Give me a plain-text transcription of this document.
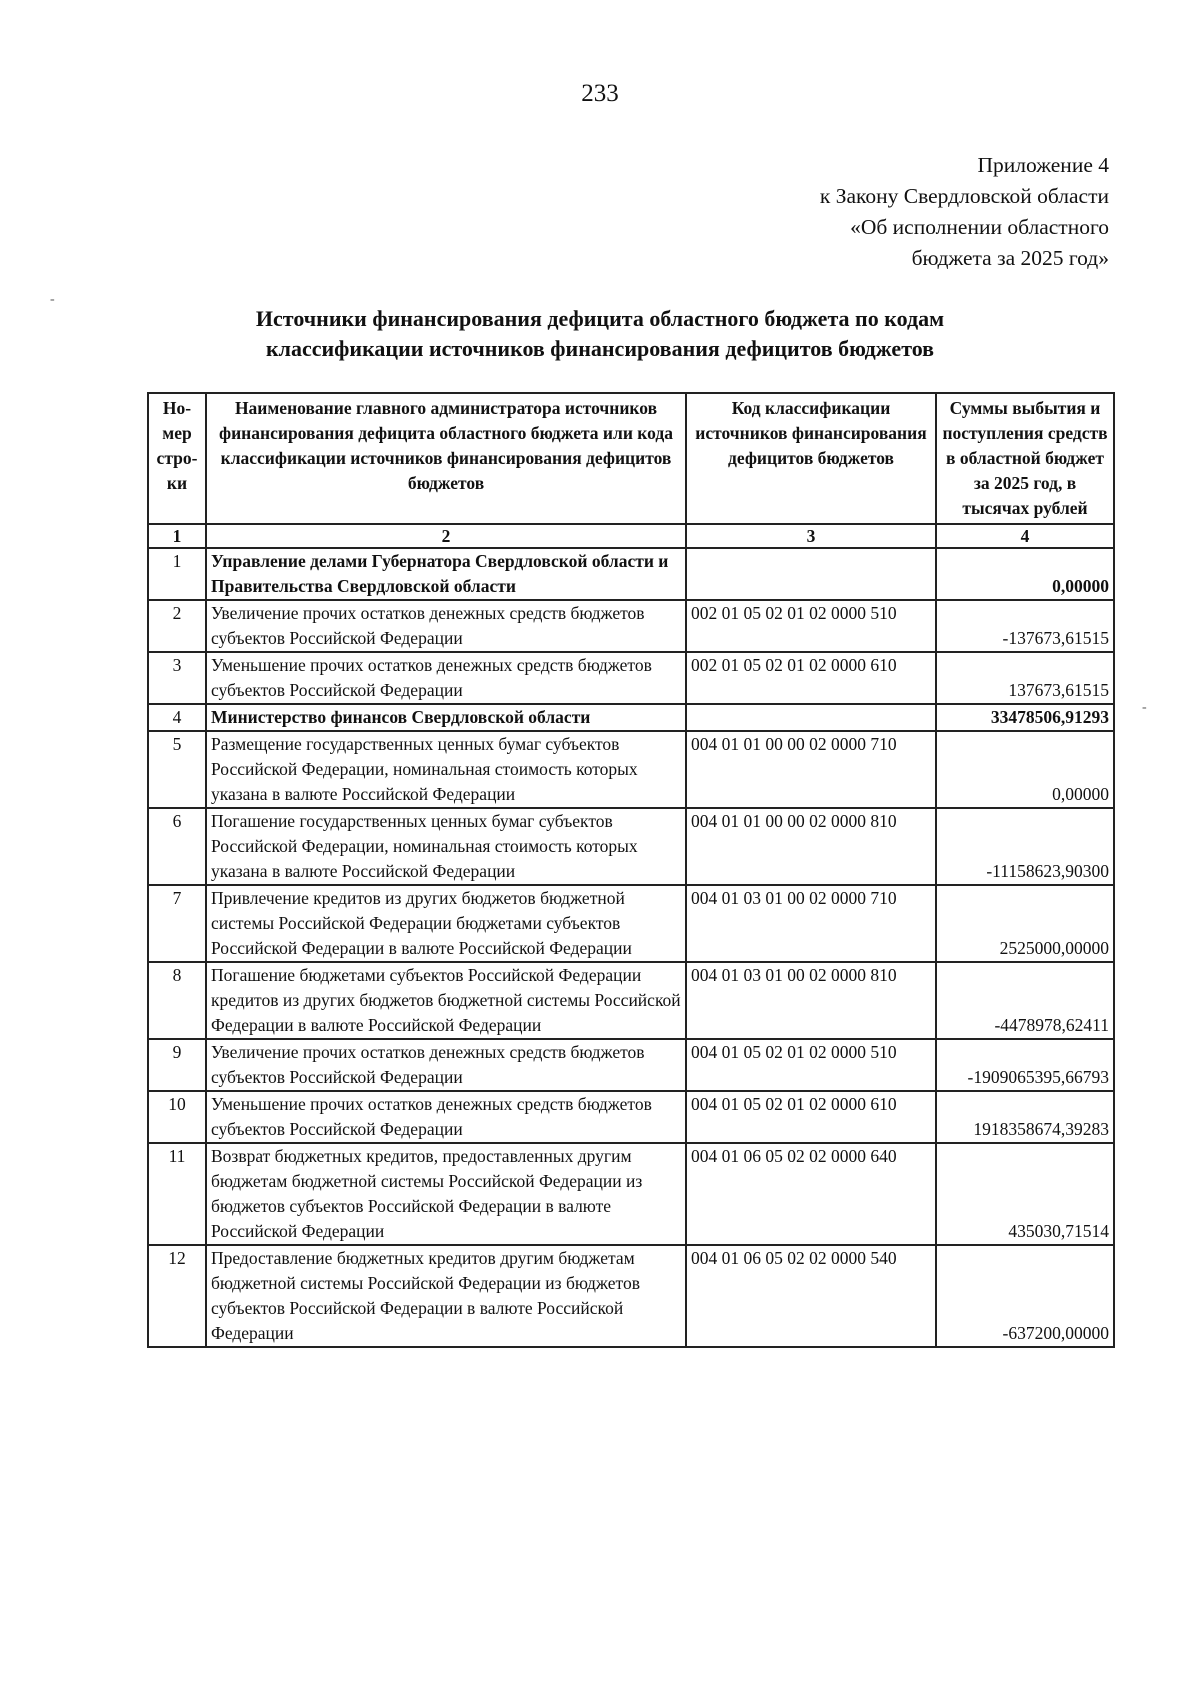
233
Приложение 4
к Закону Свердловской области
«Об исполнении областного
бюджета за 2025 год»
-
-
Источники финансирования дефицита областного бюджета по кодам
классификации источников финансирования дефицитов бюджетов
Но-мер стро-ки	Наименование главного администратора источников финансирования дефицита областного бюджета или кода классификации источников финансирования дефицитов бюджетов	Код классификации источников финансирования дефицитов бюджетов	Суммы выбытия и поступления средств в областной бюджет за 2025 год, в тысячах рублей
1	2	3	4
1	Управление делами Губернатора Свердловской области и Правительства Свердловской области		0,00000
2	Увеличение прочих остатков денежных средств бюджетов субъектов Российской Федерации	002 01 05 02 01 02 0000 510	-137673,61515
3	Уменьшение прочих остатков денежных средств бюджетов субъектов Российской Федерации	002 01 05 02 01 02 0000 610	137673,61515
4	Министерство финансов Свердловской области		33478506,91293
5	Размещение государственных ценных бумаг субъектов Российской Федерации, номинальная стоимость которых указана в валюте Российской Федерации	004 01 01 00 00 02 0000 710	0,00000
6	Погашение государственных ценных бумаг субъектов Российской Федерации, номинальная стоимость которых указана в валюте Российской Федерации	004 01 01 00 00 02 0000 810	-11158623,90300
7	Привлечение кредитов из других бюджетов бюджетной системы Российской Федерации бюджетами субъектов Российской Федерации в валюте Российской Федерации	004 01 03 01 00 02 0000 710	2525000,00000
8	Погашение бюджетами субъектов Российской Федерации кредитов из других бюджетов бюджетной системы Российской Федерации в валюте Российской Федерации	004 01 03 01 00 02 0000 810	-4478978,62411
9	Увеличение прочих остатков денежных средств бюджетов субъектов Российской Федерации	004 01 05 02 01 02 0000 510	-1909065395,66793
10	Уменьшение прочих остатков денежных средств бюджетов субъектов Российской Федерации	004 01 05 02 01 02 0000 610	1918358674,39283
11	Возврат бюджетных кредитов, предоставленных другим бюджетам бюджетной системы Российской Федерации из бюджетов субъектов Российской Федерации в валюте Российской Федерации	004 01 06 05 02 02 0000 640	435030,71514
12	Предоставление бюджетных кредитов другим бюджетам бюджетной системы Российской Федерации из бюджетов субъектов Российской Федерации в валюте Российской Федерации	004 01 06 05 02 02 0000 540	-637200,00000
